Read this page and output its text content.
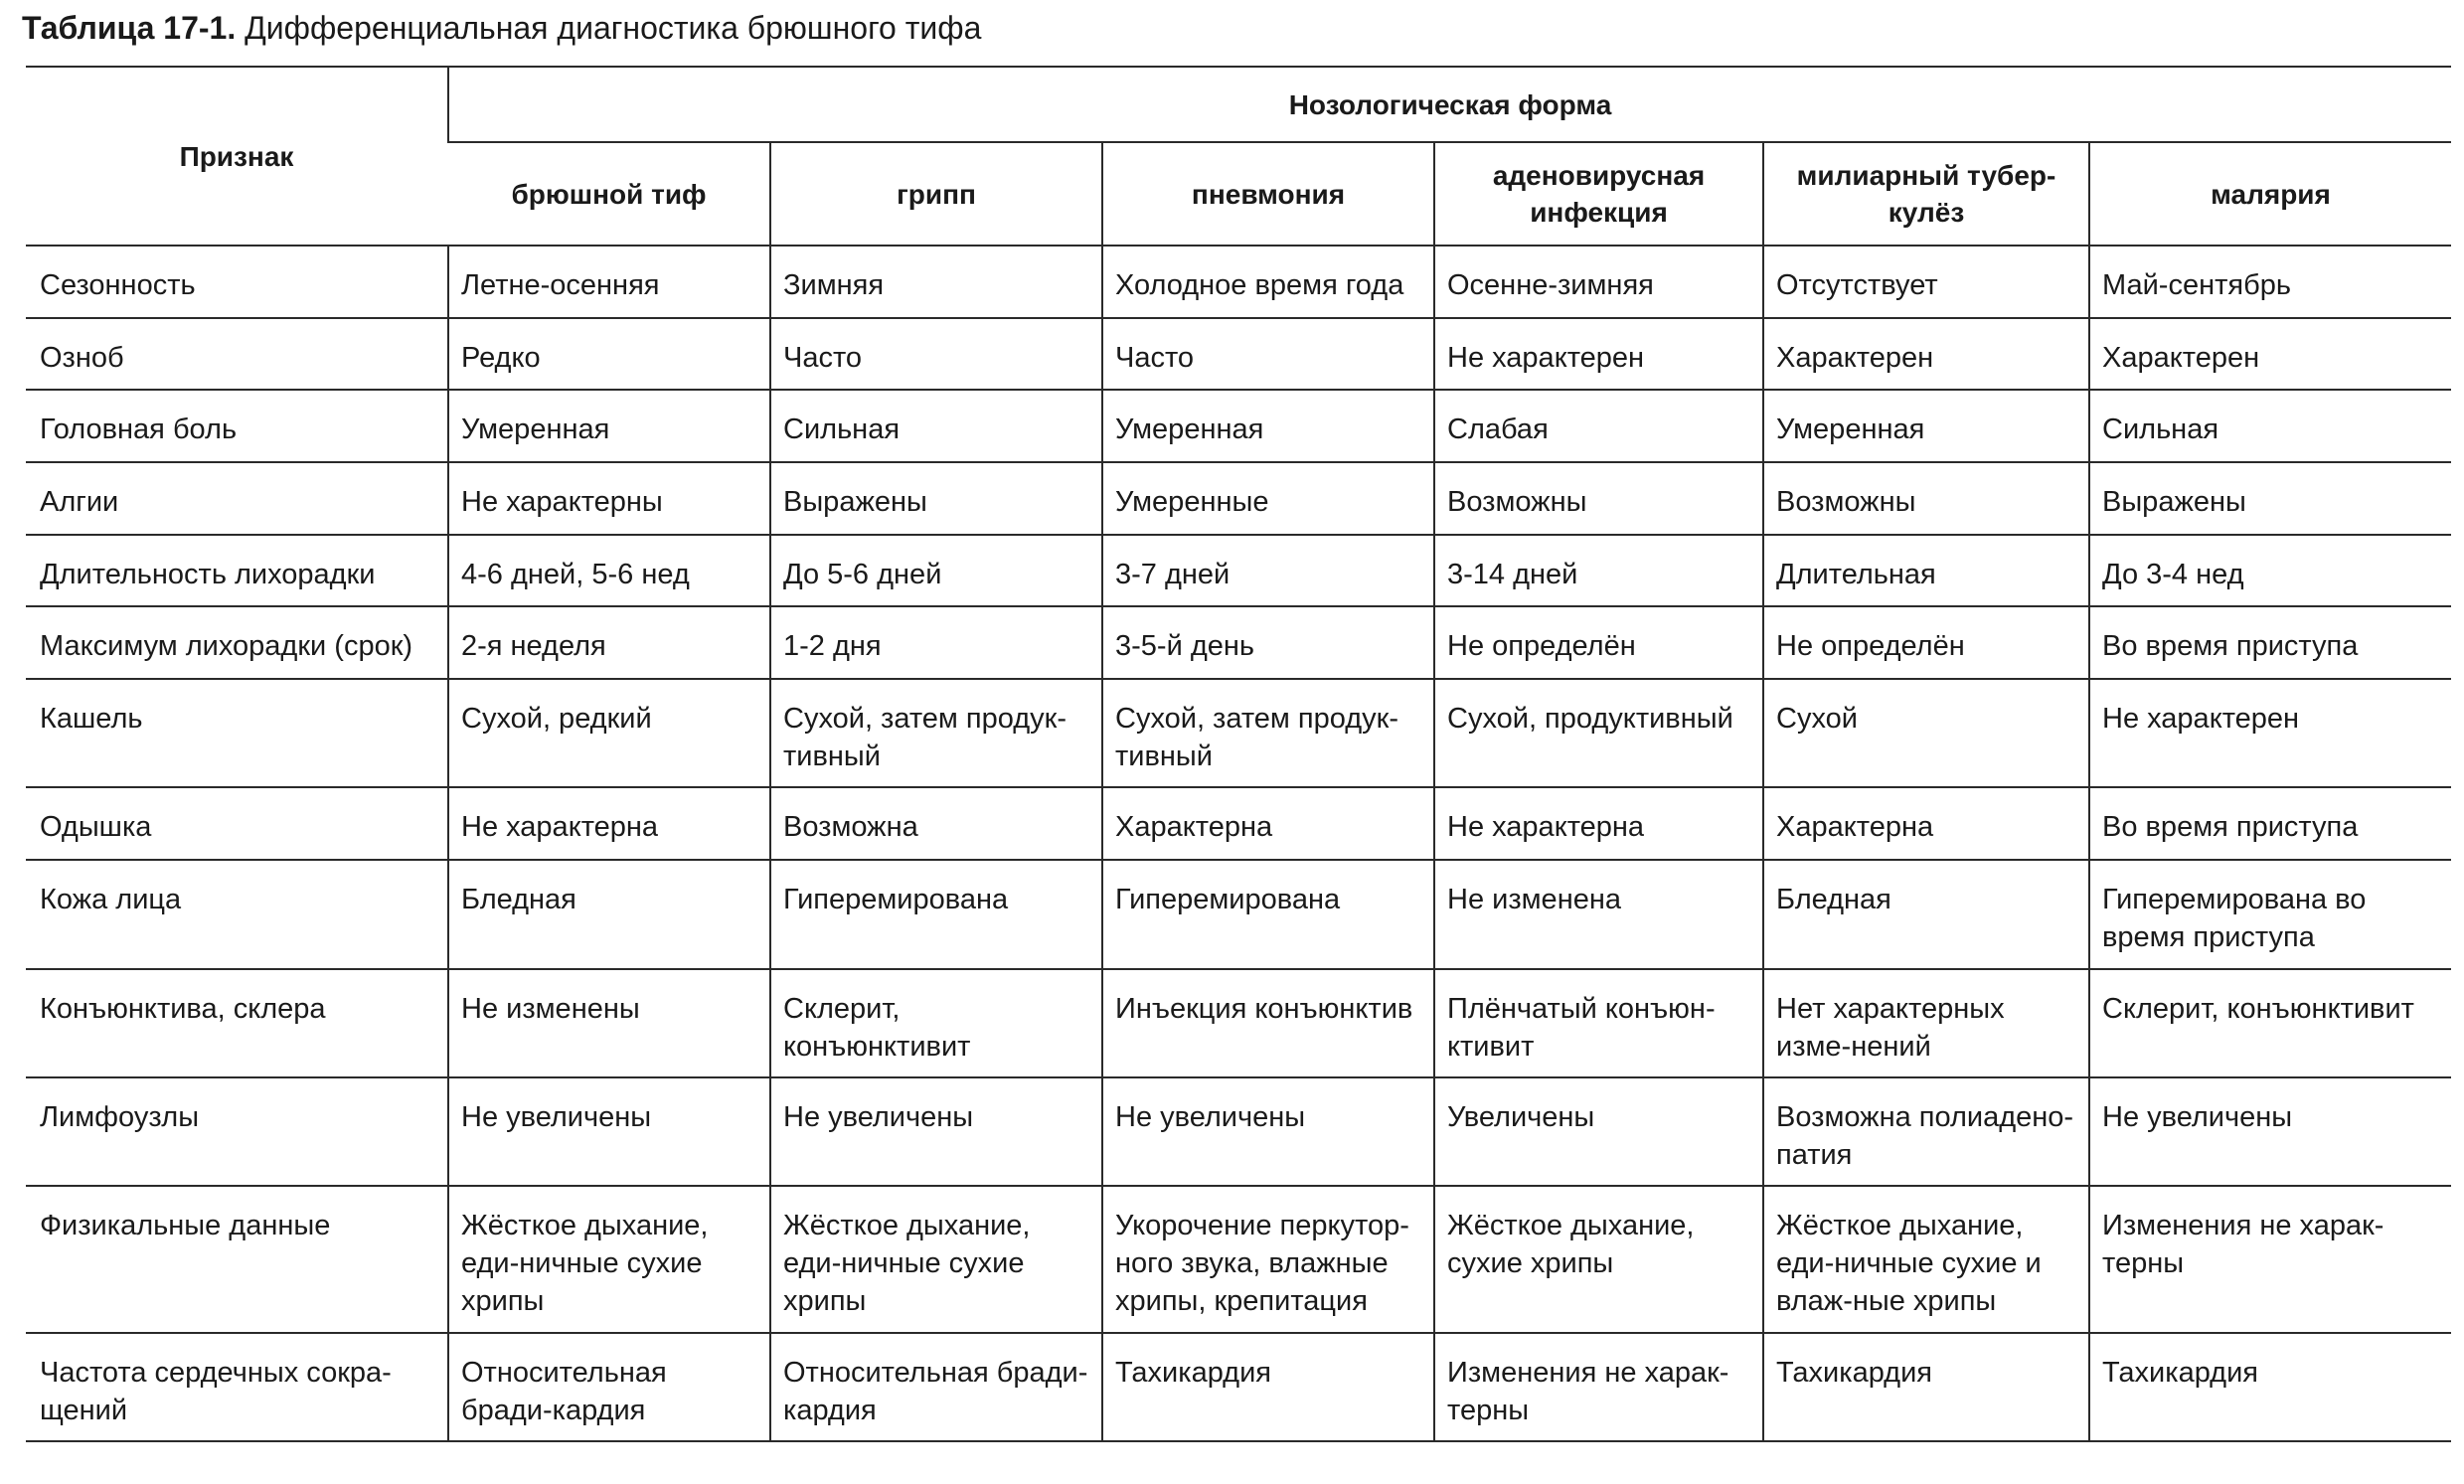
Таблица 17-1. Дифференциальная диагностика брюшного тифа
Признак	Нозологическая форма					
	брюшной тиф	грипп	пневмония	аденовирусная инфекция	милиарный тубер-кулёз	малярия
Сезонность	Летне-осенняя	Зимняя	Холодное время года	Осенне-зимняя	Отсутствует	Май-сентябрь
Озноб	Редко	Часто	Часто	Не характерен	Характерен	Характерен
Головная боль	Умеренная	Сильная	Умеренная	Слабая	Умеренная	Сильная
Алгии	Не характерны	Выражены	Умеренные	Возможны	Возможны	Выражены
Длительность лихорадки	4-6 дней, 5-6 нед	До 5-6 дней	3-7 дней	3-14 дней	Длительная	До 3-4 нед
Максимум лихорадки (срок)	2-я неделя	1-2 дня	3-5-й день	Не определён	Не определён	Во время приступа
Кашель	Сухой, редкий	Сухой, затем продук-тивный	Сухой, затем продук-тивный	Сухой, продуктивный	Сухой	Не характерен
Одышка	Не характерна	Возможна	Характерна	Не характерна	Характерна	Во время приступа
Кожа лица	Бледная	Гиперемирована	Гиперемирована	Не изменена	Бледная	Гиперемирована во время приступа
Конъюнктива, склера	Не изменены	Склерит, конъюнктивит	Инъекция конъюнктив	Плёнчатый конъюн-ктивит	Нет характерных изме-нений	Склерит, конъюнктивит
Лимфоузлы	Не увеличены	Не увеличены	Не увеличены	Увеличены	Возможна полиадено-патия	Не увеличены
Физикальные данные	Жёсткое дыхание, еди-ничные сухие хрипы	Жёсткое дыхание, еди-ничные сухие хрипы	Укорочение перкутор-ного звука, влажные хрипы, крепитация	Жёсткое дыхание, сухие хрипы	Жёсткое дыхание, еди-ничные сухие и влаж-ные хрипы	Изменения не харак-терны
Частота сердечных сокра-щений	Относительная бради-кардия	Относительная бради-кардия	Тахикардия	Изменения не харак-терны	Тахикардия	Тахикардия
